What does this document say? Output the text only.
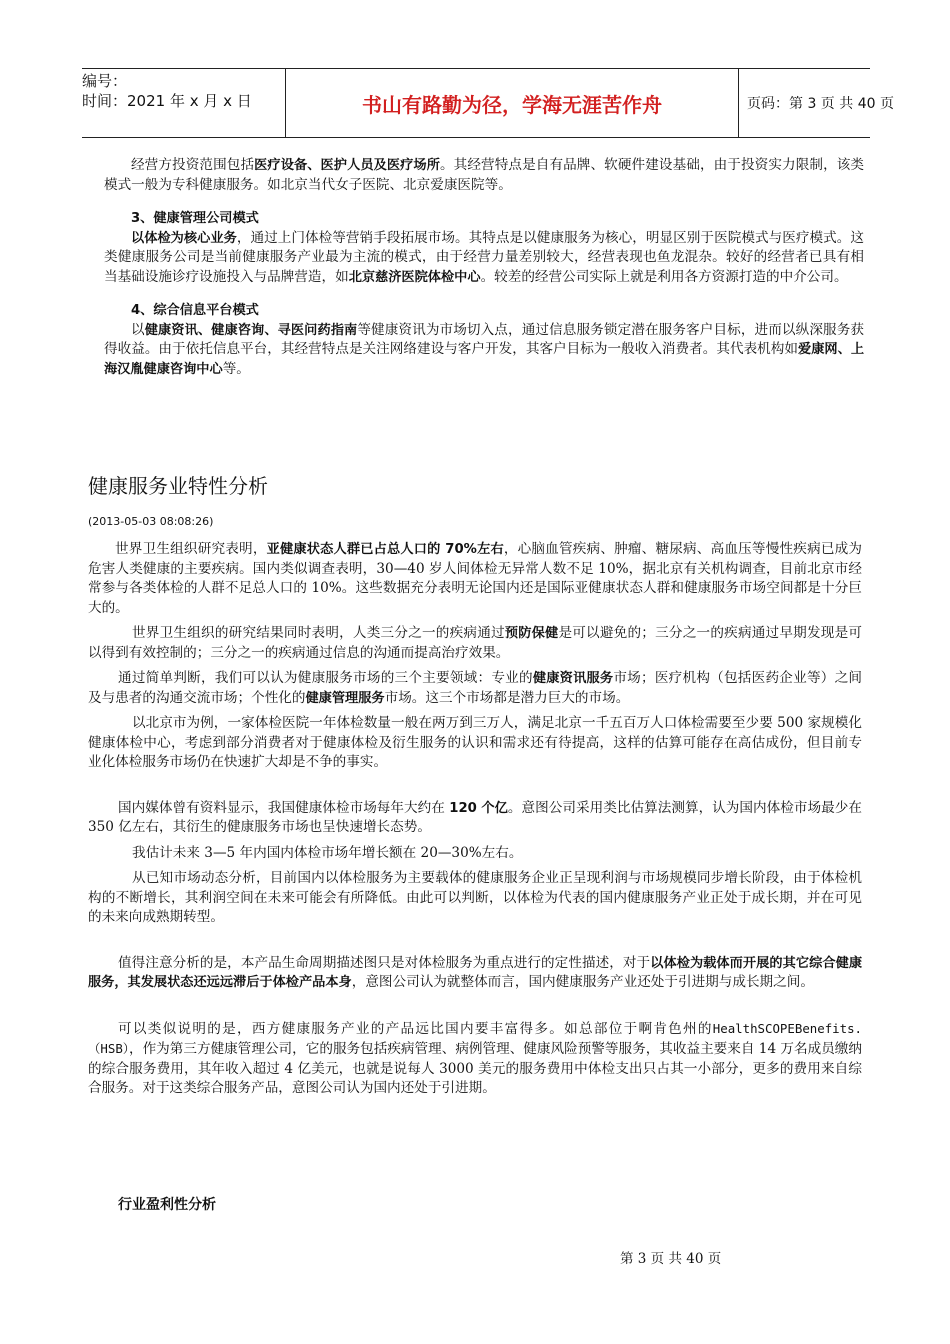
编号：
时间：2021 年 x 月 x 日	书山有路勤为径，学海无涯苦作舟	页码：第 3 页 共 40 页

经营方投资范围包括医疗设备、医护人员及医疗场所。其经营特点是自有品牌、软硬件建设基础，由于投资实力限制，该类模式一般为专科健康服务。如北京当代女子医院、北京爱康医院等。

3、健康管理公司模式

以体检为核心业务，通过上门体检等营销手段拓展市场。其特点是以健康服务为核心，明显区别于医院模式与医疗模式。这类健康服务公司是当前健康服务产业最为主流的模式，由于经营力量差别较大，经营表现也鱼龙混杂。较好的经营者已具有相当基础设施诊疗设施投入与品牌营造，如北京慈济医院体检中心。较差的经营公司实际上就是利用各方资源打造的中介公司。

4、综合信息平台模式

以健康资讯、健康咨询、寻医问药指南等健康资讯为市场切入点，通过信息服务锁定潜在服务客户目标，进而以纵深服务获得收益。由于依托信息平台，其经营特点是关注网络建设与客户开发，其客户目标为一般收入消费者。其代表机构如爱康网、上海汉胤健康咨询中心等。

健康服务业特性分析
(2013-05-03 08:08:26)

世界卫生组织研究表明，亚健康状态人群已占总人口的 70%左右，心脑血管疾病、肿瘤、糖尿病、高血压等慢性疾病已成为危害人类健康的主要疾病。国内类似调查表明，30—40 岁人间体检无异常人数不足 10%，据北京有关机构调查，目前北京市经常参与各类体检的人群不足总人口的 10%。这些数据充分表明无论国内还是国际亚健康状态人群和健康服务市场空间都是十分巨大的。

世界卫生组织的研究结果同时表明，人类三分之一的疾病通过预防保健是可以避免的；三分之一的疾病通过早期发现是可以得到有效控制的；三分之一的疾病通过信息的沟通而提高治疗效果。

通过简单判断，我们可以认为健康服务市场的三个主要领域：专业的健康资讯服务市场；医疗机构（包括医药企业等）之间及与患者的沟通交流市场；个性化的健康管理服务市场。这三个市场都是潜力巨大的市场。

以北京市为例，一家体检医院一年体检数量一般在两万到三万人，满足北京一千五百万人口体检需要至少要 500 家规模化健康体检中心，考虑到部分消费者对于健康体检及衍生服务的认识和需求还有待提高，这样的估算可能存在高估成份，但目前专业化体检服务市场仍在快速扩大却是不争的事实。

国内媒体曾有资料显示，我国健康体检市场每年大约在 120 个亿。意图公司采用类比估算法测算，认为国内体检市场最少在 350 亿左右，其衍生的健康服务市场也呈快速增长态势。

我估计未来 3—5 年内国内体检市场年增长额在 20—30%左右。

从已知市场动态分析，目前国内以体检服务为主要载体的健康服务企业正呈现利润与市场规模同步增长阶段，由于体检机构的不断增长，其利润空间在未来可能会有所降低。由此可以判断，以体检为代表的国内健康服务产业正处于成长期，并在可见的未来向成熟期转型。

值得注意分析的是，本产品生命周期描述图只是对体检服务为重点进行的定性描述，对于以体检为载体而开展的其它综合健康服务，其发展状态还远远滞后于体检产品本身，意图公司认为就整体而言，国内健康服务产业还处于引进期与成长期之间。

可以类似说明的是，西方健康服务产业的产品远比国内要丰富得多。如总部位于啊肯色州的HealthSCOPEBenefits.（HSB），作为第三方健康管理公司，它的服务包括疾病管理、病例管理、健康风险预警等服务，其收益主要来自 14 万名成员缴纳的综合服务费用，其年收入超过 4 亿美元，也就是说每人 3000 美元的服务费用中体检支出只占其一小部分，更多的费用来自综合服务。对于这类综合服务产品，意图公司认为国内还处于引进期。

行业盈利性分析
第 3 页 共 40 页
